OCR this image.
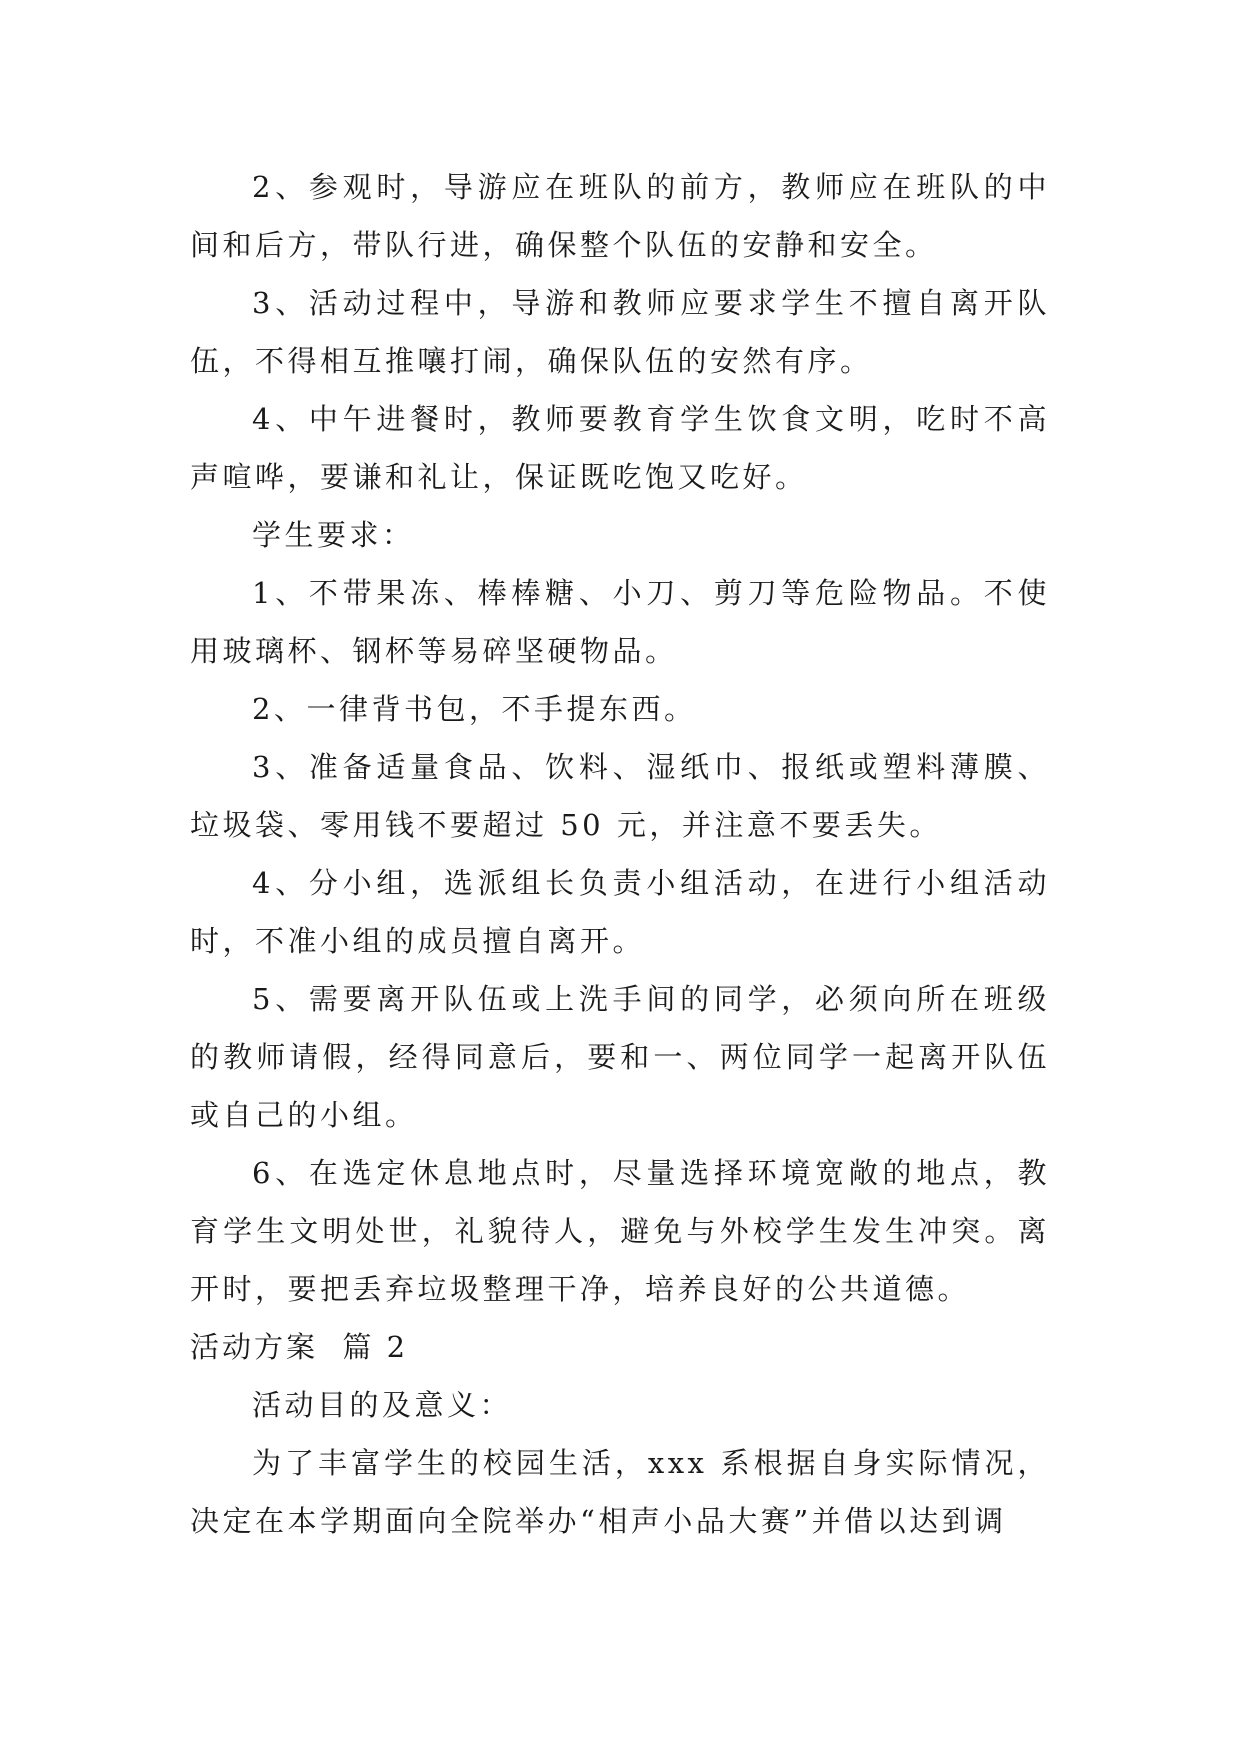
2、参观时，导游应在班队的前方，教师应在班队的中间和后方，带队行进，确保整个队伍的安静和安全。

3、活动过程中，导游和教师应要求学生不擅自离开队伍，不得相互推嚷打闹，确保队伍的安然有序。

4、中午进餐时，教师要教育学生饮食文明，吃时不高声喧哗，要谦和礼让，保证既吃饱又吃好。

学生要求：

1、不带果冻、棒棒糖、小刀、剪刀等危险物品。不使用玻璃杯、钢杯等易碎坚硬物品。

2、一律背书包，不手提东西。

3、准备适量食品、饮料、湿纸巾、报纸或塑料薄膜、垃圾袋、零用钱不要超过 50 元，并注意不要丢失。

4、分小组，选派组长负责小组活动，在进行小组活动时，不准小组的成员擅自离开。

5、需要离开队伍或上洗手间的同学，必须向所在班级的教师请假，经得同意后，要和一、两位同学一起离开队伍或自己的小组。

6、在选定休息地点时，尽量选择环境宽敞的地点，教育学生文明处世，礼貌待人，避免与外校学生发生冲突。离开时，要把丢弃垃圾整理干净，培养良好的公共道德。

活动方案  篇 2

活动目的及意义：

为了丰富学生的校园生活，xxx 系根据自身实际情况，决定在本学期面向全院举办“相声小品大赛”并借以达到调
